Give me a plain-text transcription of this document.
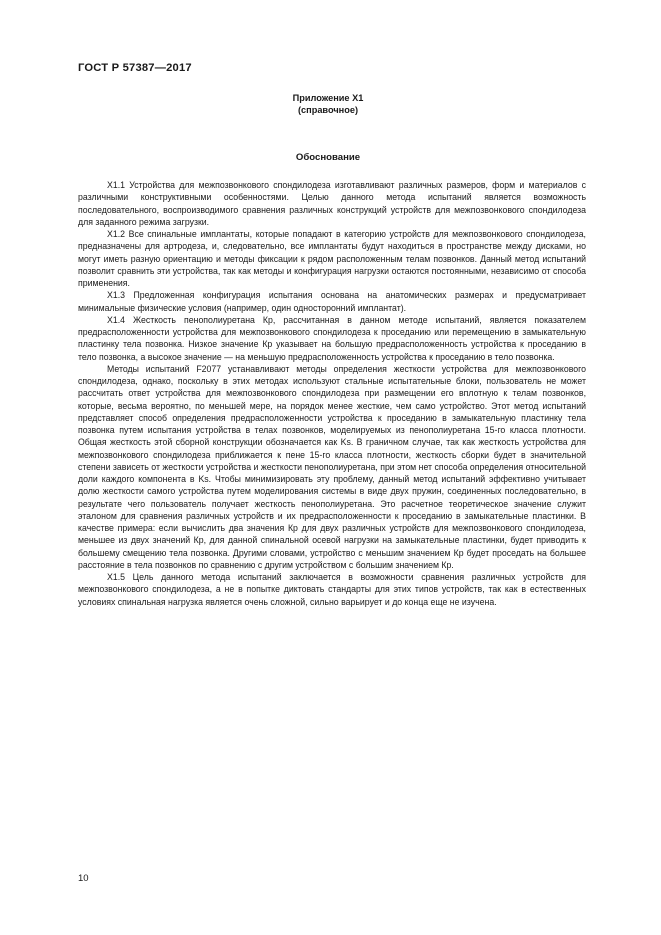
ГОСТ Р 57387—2017
Приложение Х1
(справочное)
Обоснование

Х1.1 Устройства для межпозвонкового спондилодеза изготавливают различных размеров, форм и материалов с различными конструктивными особенностями. Целью данного метода испытаний является возможность последовательного, воспроизводимого сравнения различных конструкций устройств для межпозвонкового спондилодеза для заданного режима загрузки.

Х1.2 Все спинальные имплантаты, которые попадают в категорию устройств для межпозвонкового спондилодеза, предназначены для артродеза, и, следовательно, все имплантаты будут находиться в пространстве между дисками, но могут иметь разную ориентацию и методы фиксации к рядом расположенным телам позвонков. Данный метод испытаний позволит сравнить эти устройства, так как методы и конфигурация нагрузки остаются постоянными, независимо от способа применения.

Х1.3 Предложенная конфигурация испытания основана на анатомических размерах и предусматривает минимальные физические условия (например, один односторонний имплантат).

Х1.4 Жесткость пенополиуретана Кр, рассчитанная в данном методе испытаний, является показателем предрасположенности устройства для межпозвонкового спондилодеза к проседанию или перемещению в замыкательную пластинку тела позвонка. Низкое значение Кр указывает на большую предрасположенность устройства к проседанию в тело позвонка, а высокое значение — на меньшую предрасположенность устройства к проседанию в тело позвонка.

Методы испытаний F2077 устанавливают методы определения жесткости устройства для межпозвонкового спондилодеза, однако, поскольку в этих методах используют стальные испытательные блоки, пользователь не может рассчитать ответ устройства для межпозвонкового спондилодеза при размещении его вплотную к телам позвонков, которые, весьма вероятно, по меньшей мере, на порядок менее жесткие, чем само устройство. Этот метод испытаний представляет способ определения предрасположенности устройства к проседанию в замыкательную пластинку тела позвонка путем испытания устройства в телах позвонков, моделируемых из пенополиуретана 15-го класса плотности. Общая жесткость этой сборной конструкции обозначается как Ks. В граничном случае, так как жесткость устройства для межпозвонкового спондилодеза приближается к пене 15-го класса плотности, жесткость сборки будет в значительной степени зависеть от жесткости устройства и жесткости пенополиуретана, при этом нет способа определения относительной доли каждого компонента в Ks. Чтобы минимизировать эту проблему, данный метод испытаний эффективно учитывает долю жесткости самого устройства путем моделирования системы в виде двух пружин, соединенных последовательно, в результате чего пользователь получает жесткость пенополиуретана. Это расчетное теоретическое значение служит эталоном для сравнения различных устройств и их предрасположенности к проседанию в замыкательные пластинки. В качестве примера: если вычислить два значения Кр для двух различных устройств для межпозвонкового спондилодеза, меньшее из двух значений Кр, для данной спинальной осевой нагрузки на замыкательные пластинки, будет приводить к большему смещению тела позвонка. Другими словами, устройство с меньшим значением Кр будет проседать на большее расстояние в тела позвонков по сравнению с другим устройством с большим значением Кр.

Х1.5 Цель данного метода испытаний заключается в возможности сравнения различных устройств для межпозвонкового спондилодеза, а не в попытке диктовать стандарты для этих типов устройств, так как в естественных условиях спинальная нагрузка является очень сложной, сильно варьирует и до конца еще не изучена.

10
